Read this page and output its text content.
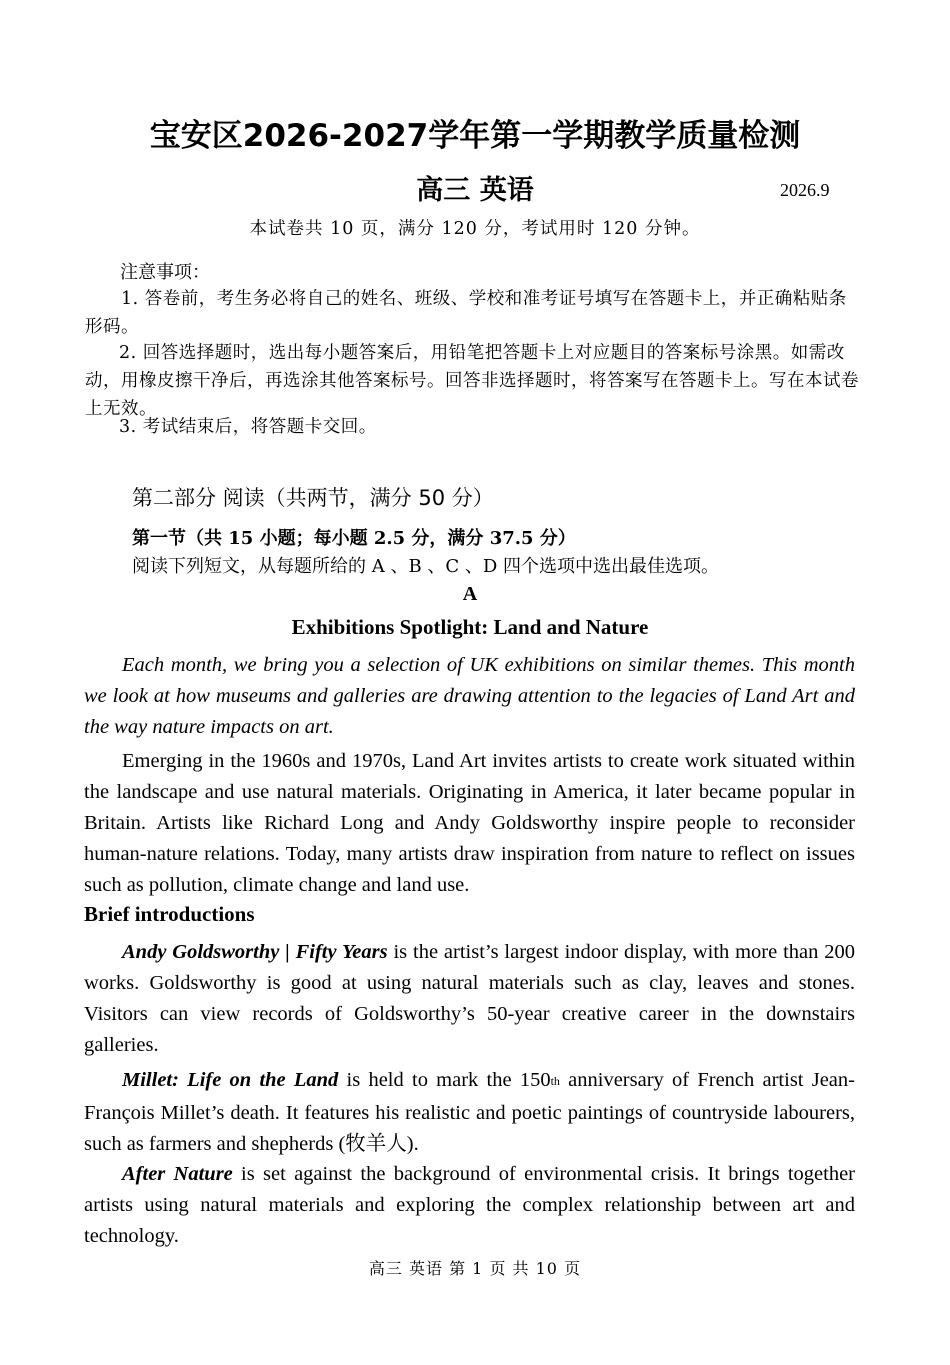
宝安区2026-2027学年第一学期教学质量检测
高三 英语	2026.9
本试卷共 10 页，满分 120 分，考试用时 120 分钟。
注意事项：

1. 答卷前，考生务必将自己的姓名、班级、学校和准考证号填写在答题卡上，并正确粘贴条形码。

2. 回答选择题时，选出每小题答案后，用铅笔把答题卡上对应题目的答案标号涂黑。如需改动，用橡皮擦干净后，再选涂其他答案标号。回答非选择题时，将答案写在答题卡上。写在本试卷上无效。

3. 考试结束后，将答题卡交回。

第二部分 阅读（共两节，满分 50 分）
第一节（共 15 小题；每小题 2.5 分，满分 37.5 分）
阅读下列短文，从每题所给的 A 、B 、C 、D 四个选项中选出最佳选项。
A
Exhibitions Spotlight: Land and Nature

Each month, we bring you a selection of UK exhibitions on similar themes. This month we look at how museums and galleries are drawing attention to the legacies of Land Art and the way nature impacts on art.

Emerging in the 1960s and 1970s, Land Art invites artists to create work situated within the landscape and use natural materials. Originating in America, it later became popular in Britain. Artists like Richard Long and Andy Goldsworthy inspire people to reconsider human-nature relations. Today, many artists draw inspiration from nature to reflect on issues such as pollution, climate change and land use.

Brief introductions

Andy Goldsworthy | Fifty Years is the artist’s largest indoor display, with more than 200 works. Goldsworthy is good at using natural materials such as clay, leaves and stones. Visitors can view records of Goldsworthy’s 50-year creative career in the downstairs galleries.

Millet: Life on the Land is held to mark the 150th anniversary of French artist Jean-François Millet’s death. It features his realistic and poetic paintings of countryside labourers, such as farmers and shepherds (牧羊人).

After Nature is set against the background of environmental crisis. It brings together artists using natural materials and exploring the complex relationship between art and technology.

高三 英语 第 1 页 共 10 页
